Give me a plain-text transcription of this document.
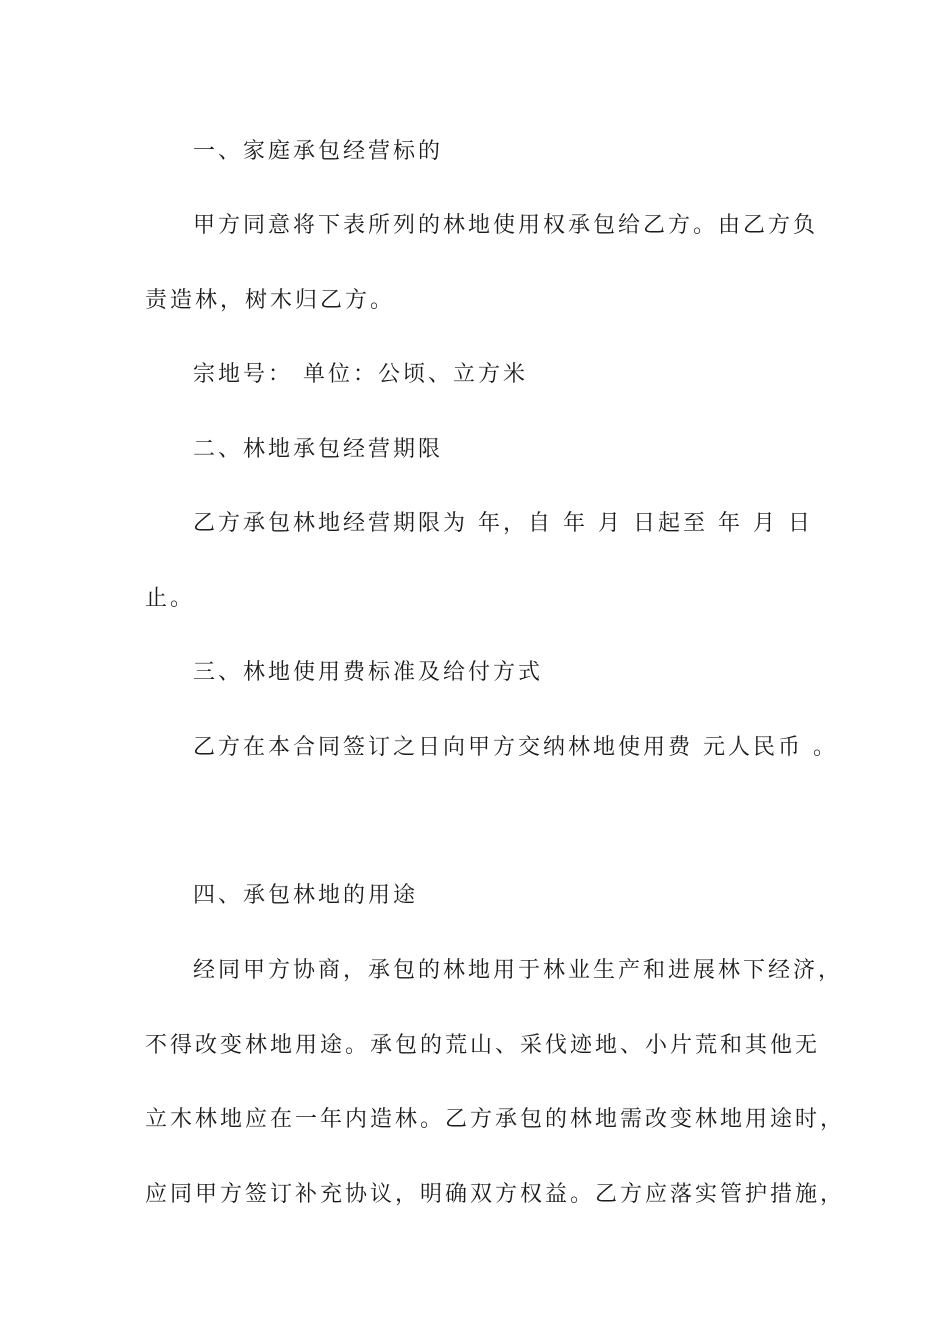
一、家庭承包经营标的
甲方同意将下表所列的林地使用权承包给乙方。由乙方负
责造林，树木归乙方。
宗地号： 单位：公顷、立方米
二、林地承包经营期限
乙方承包林地经营期限为 年，自 年 月 日起至 年 月 日
止。
三、林地使用费标准及给付方式
乙方在本合同签订之日向甲方交纳林地使用费 元人民币 。
四、承包林地的用途
经同甲方协商，承包的林地用于林业生产和进展林下经济，
不得改变林地用途。承包的荒山、采伐迹地、小片荒和其他无
立木林地应在一年内造林。乙方承包的林地需改变林地用途时，
应同甲方签订补充协议，明确双方权益。乙方应落实管护措施，
